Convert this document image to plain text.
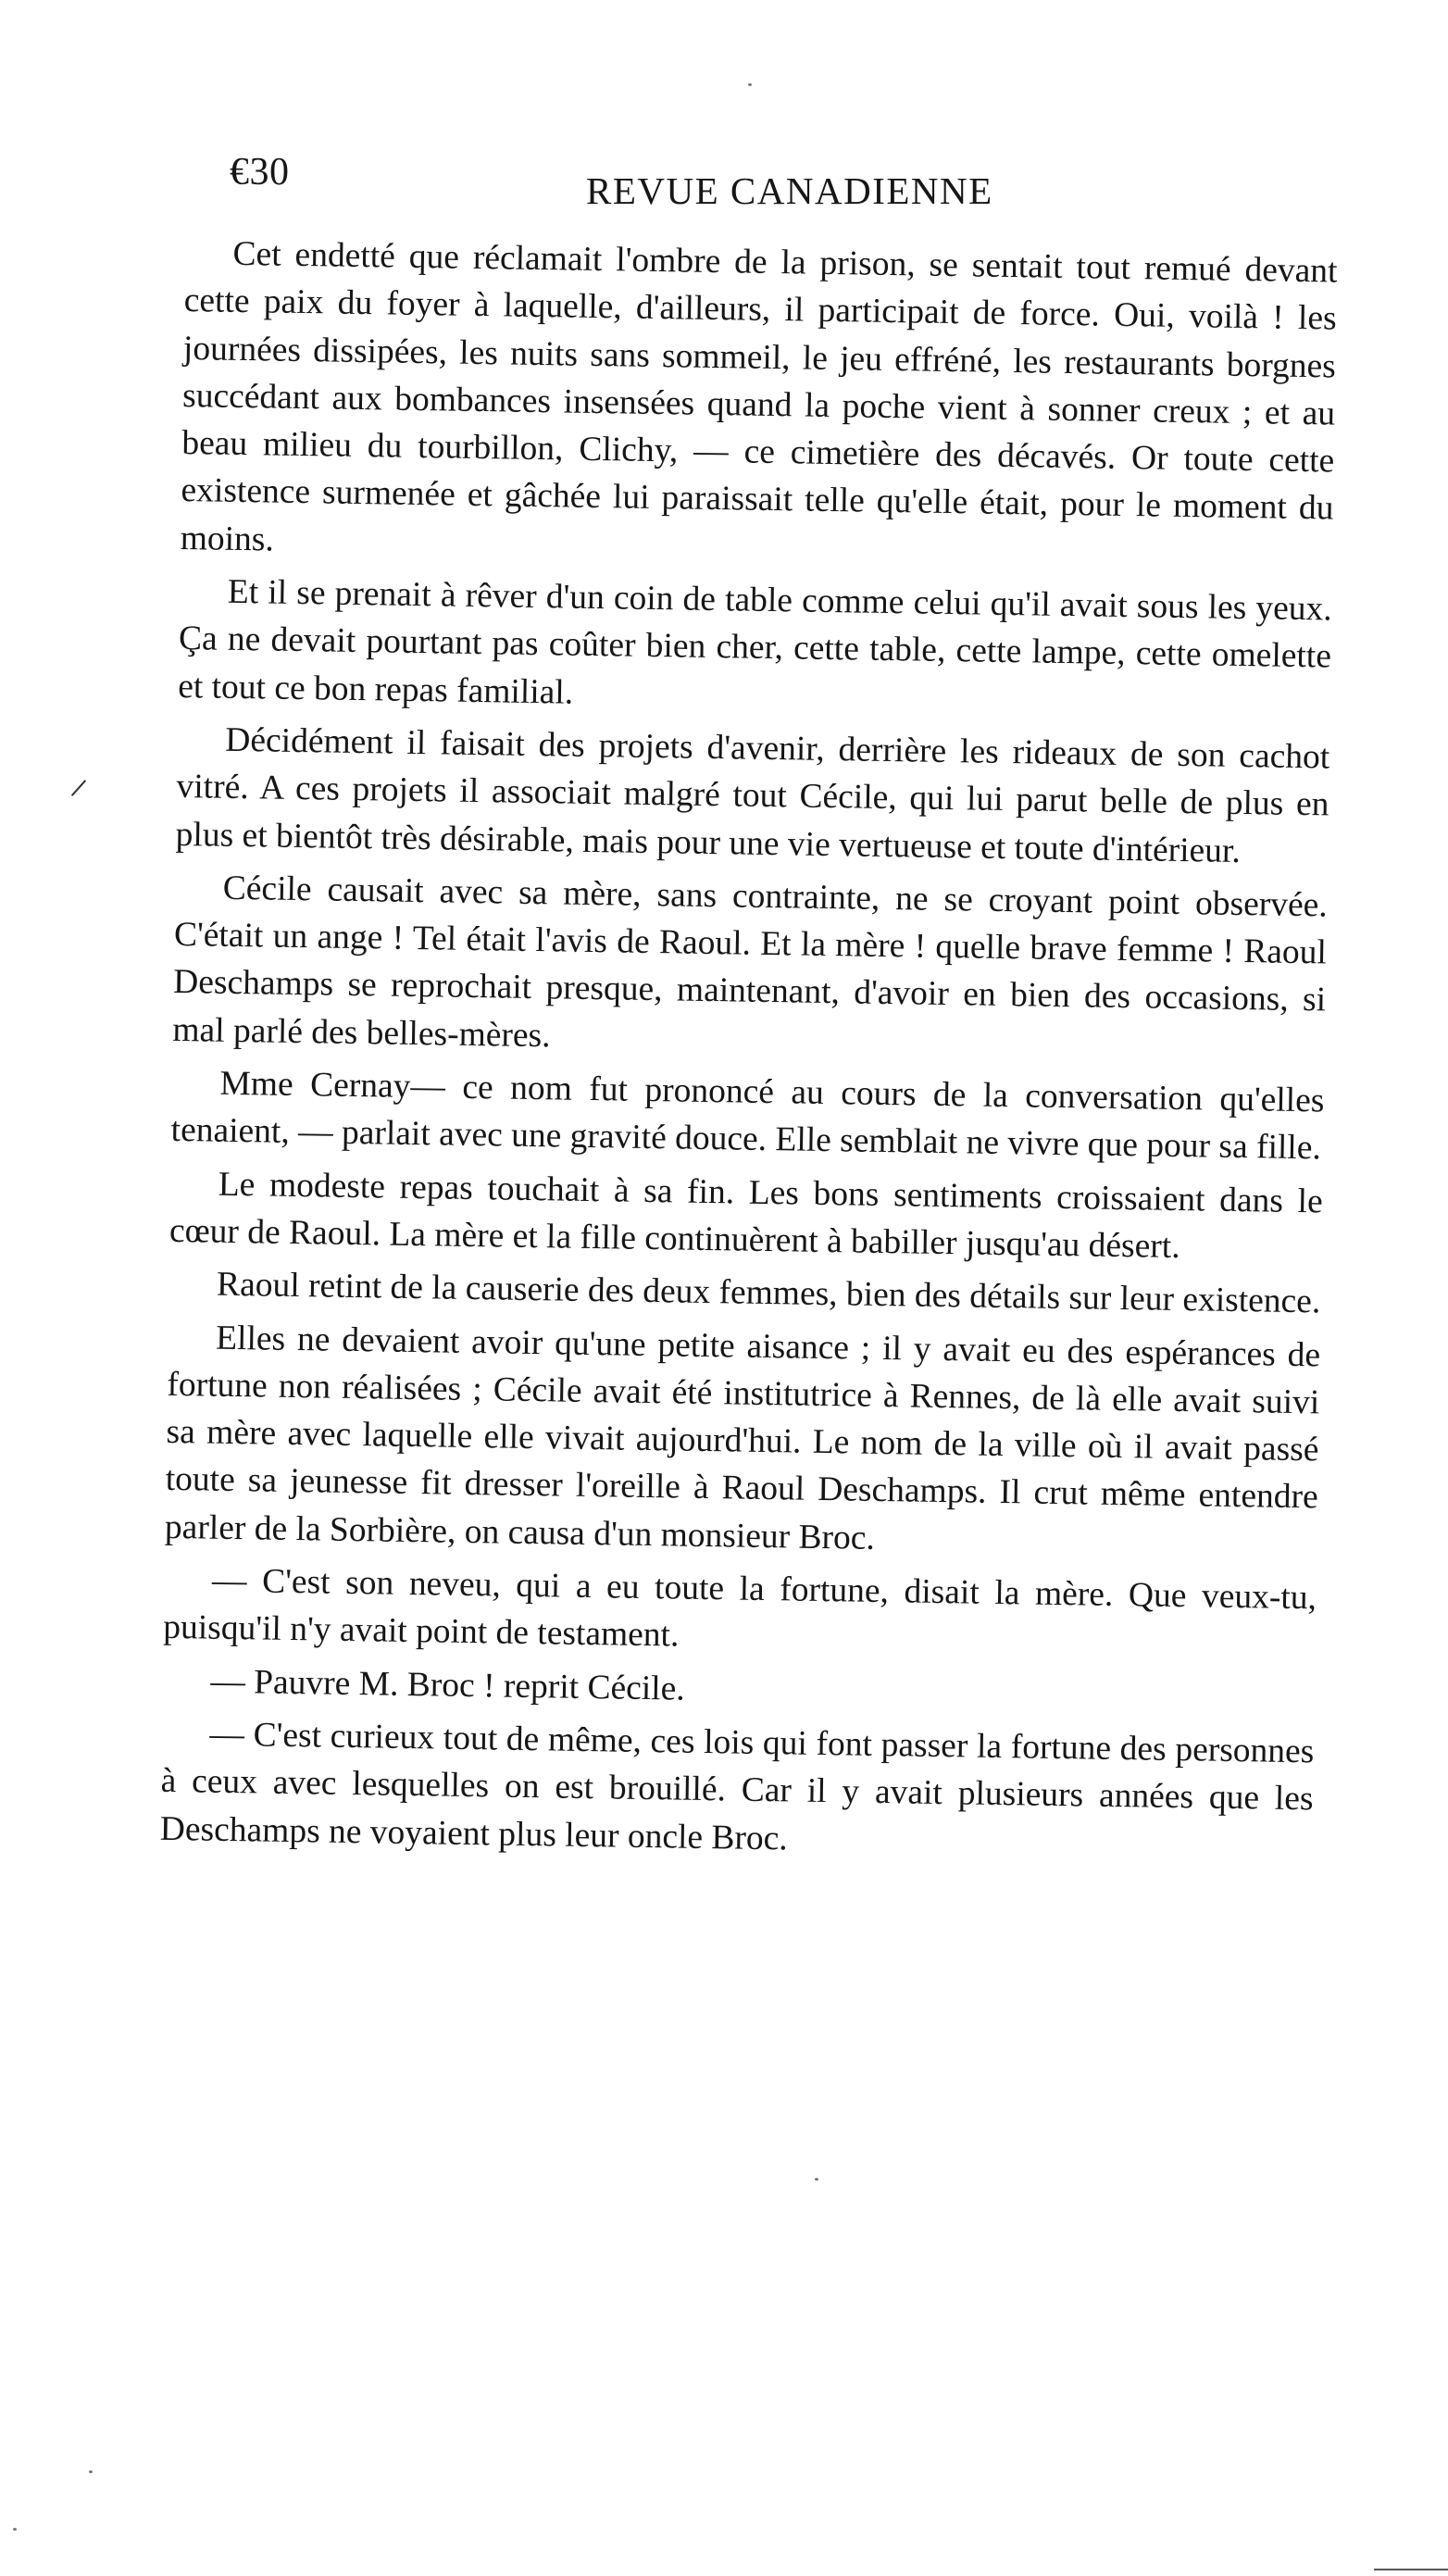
€30	REVUE CANADIENNE

Cet endetté que réclamait l'ombre de la prison, se sentait tout remué devant cette paix du foyer à laquelle, d'ailleurs, il participait de force. Oui, voilà ! les journées dissipées, les nuits sans sommeil, le jeu effréné, les restaurants borgnes succédant aux bombances insensées quand la poche vient à sonner creux ; et au beau milieu du tourbillon, Clichy, — ce cimetière des décavés. Or toute cette existence surmenée et gâchée lui paraissait telle qu'elle était, pour le moment du moins.

Et il se prenait à rêver d'un coin de table comme celui qu'il avait sous les yeux. Ça ne devait pourtant pas coûter bien cher, cette table, cette lampe, cette omelette et tout ce bon repas familial.

Décidément il faisait des projets d'avenir, derrière les rideaux de son cachot vitré. A ces projets il associait malgré tout Cécile, qui lui parut belle de plus en plus et bientôt très désirable, mais pour une vie vertueuse et toute d'intérieur.

Cécile causait avec sa mère, sans contrainte, ne se croyant point observée. C'était un ange ! Tel était l'avis de Raoul. Et la mère ! quelle brave femme ! Raoul Deschamps se reprochait presque, maintenant, d'avoir en bien des occasions, si mal parlé des belles-mères.

Mme Cernay— ce nom fut prononcé au cours de la conversation qu'elles tenaient, — parlait avec une gravité douce. Elle semblait ne vivre que pour sa fille.

Le modeste repas touchait à sa fin. Les bons sentiments croissaient dans le cœur de Raoul. La mère et la fille continuèrent à babiller jusqu'au désert.

Raoul retint de la causerie des deux femmes, bien des détails sur leur existence.

Elles ne devaient avoir qu'une petite aisance ; il y avait eu des espérances de fortune non réalisées ; Cécile avait été institutrice à Rennes, de là elle avait suivi sa mère avec laquelle elle vivait aujourd'hui. Le nom de la ville où il avait passé toute sa jeunesse fit dresser l'oreille à Raoul Deschamps. Il crut même entendre parler de la Sorbière, on causa d'un monsieur Broc.

— C'est son neveu, qui a eu toute la fortune, disait la mère. Que veux-tu, puisqu'il n'y avait point de testament.

— Pauvre M. Broc ! reprit Cécile.

— C'est curieux tout de même, ces lois qui font passer la fortune des personnes à ceux avec lesquelles on est brouillé. Car il y avait plusieurs années que les Deschamps ne voyaient plus leur oncle Broc.
